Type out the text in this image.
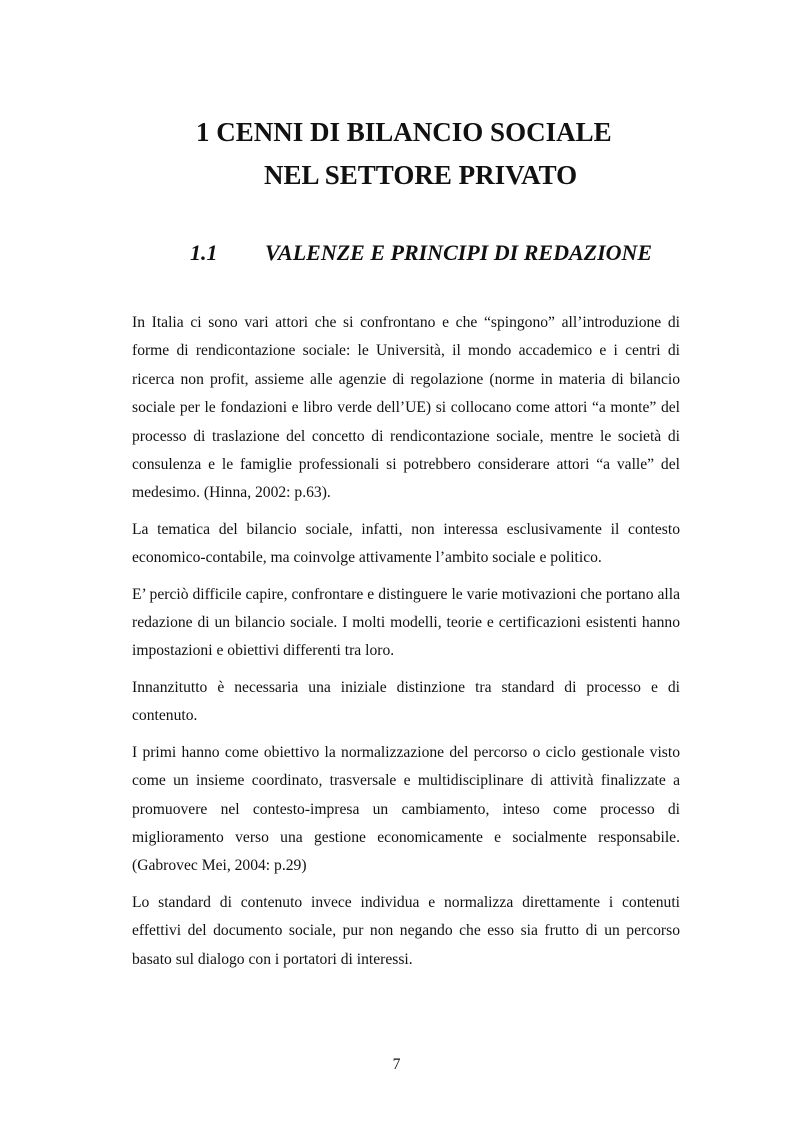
1 CENNI DI BILANCIO SOCIALE
NEL SETTORE PRIVATO
1.1 VALENZE E PRINCIPI DI REDAZIONE

In Italia ci sono vari attori che si confrontano e che “spingono” all’introduzione di forme di rendicontazione sociale: le Università, il mondo accademico e i centri di ricerca non profit, assieme alle agenzie di regolazione (norme in materia di bilancio sociale per le fondazioni e libro verde dell’UE) si collocano come attori “a monte” del processo di traslazione del concetto di rendicontazione sociale, mentre le società di consulenza e le famiglie professionali si potrebbero considerare attori “a valle” del medesimo. (Hinna, 2002: p.63).

La tematica del bilancio sociale, infatti, non interessa esclusivamente il contesto economico-contabile, ma coinvolge attivamente l’ambito sociale e politico.

E’ perciò difficile capire, confrontare e distinguere le varie motivazioni che portano alla redazione di un bilancio sociale. I molti modelli, teorie e certificazioni esistenti hanno impostazioni e obiettivi differenti tra loro.

Innanzitutto è necessaria una iniziale distinzione tra standard di processo e di contenuto.

I primi hanno come obiettivo la normalizzazione del percorso o ciclo gestionale visto come un insieme coordinato, trasversale e multidisciplinare di attività finalizzate a promuovere nel contesto-impresa un cambiamento, inteso come processo di miglioramento verso una gestione economicamente e socialmente responsabile. (Gabrovec Mei, 2004: p.29)

Lo standard di contenuto invece individua e normalizza direttamente i contenuti effettivi del documento sociale, pur non negando che esso sia frutto di un percorso basato sul dialogo con i portatori di interessi.

7
